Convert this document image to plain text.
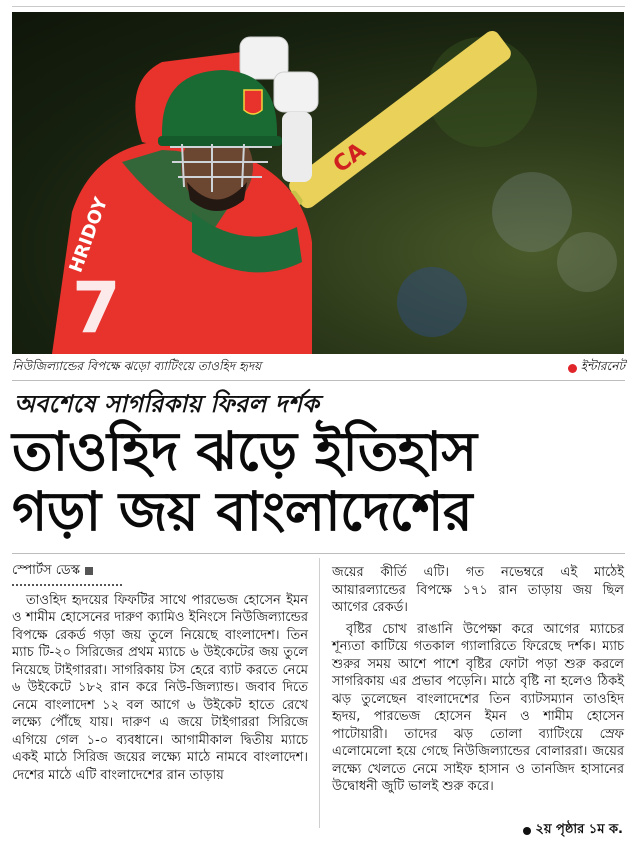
CA
HRIDOY
7
নিউজিল্যান্ডের বিপক্ষে ঝড়ো ব্যাটিংয়ে তাওহিদ হৃদয়	ইন্টারনেট
অবশেষে সাগরিকায় ফিরল দর্শক
তাওহিদ ঝড়ে ইতিহাস
গড়া জয় বাংলাদেশের
স্পোর্টস ডেস্ক

তাওহিদ হৃদয়ের ফিফটির সাথে পারভেজ হোসেন ইমন ও শামীম হোসেনের দারুণ ক্যামিও ইনিংসে নিউজিল্যান্ডের বিপক্ষে রেকর্ড গড়া জয় তুলে নিয়েছে বাংলাদেশ। তিন ম্যাচ টি-২০ সিরিজের প্রথম ম্যাচে ৬ উইকেটের জয় তুলে নিয়েছে টাইগাররা। সাগরিকায় টস হেরে ব্যাট করতে নেমে ৬ উইকেটে ১৮২ রান করে নিউ-জিল্যান্ড। জবাব দিতে নেমে বাংলাদেশ ১২ বল আগে ৬ উইকেট হাতে রেখে লক্ষ্যে পৌঁছে যায়। দারুণ এ জয়ে টাইগাররা সিরিজে এগিয়ে গেল ১-০ ব্যবধানে। আগামীকাল দ্বিতীয় ম্যাচে একই মাঠে সিরিজ জয়ের লক্ষ্যে মাঠে নামবে বাংলাদেশ। দেশের মাঠে এটি বাংলাদেশের রান তাড়ায়

জয়ের কীর্তি এটি। গত নভেম্বরে এই মাঠেই আয়ারল্যান্ডের বিপক্ষে ১৭১ রান তাড়ায় জয় ছিল আগের রেকর্ড।

বৃষ্টির চোখ রাঙানি উপেক্ষা করে আগের ম্যাচের শূন্যতা কাটিয়ে গতকাল গ্যালারিতে ফিরেছে দর্শক। ম্যাচ শুরুর সময় আশে পাশে বৃষ্টির ফোটা পড়া শুরু করলে সাগরিকায় এর প্রভাব পড়েনি। মাঠে বৃষ্টি না হলেও ঠিকই ঝড় তুলেছেন বাংলাদেশের তিন ব্যাটসম্যান তাওহিদ হৃদয়, পারভেজ হোসেন ইমন ও শামীম হোসেন পাটোয়ারী। তাদের ঝড় তোলা ব্যাটিংয়ে স্রেফ এলোমেলো হয়ে গেছে নিউজিল্যান্ডের বোলাররা। জয়ের লক্ষ্যে খেলতে নেমে সাইফ হাসান ও তানজিদ হাসানের উদ্বোধনী জুটি ভালই শুরু করে।

২য় পৃষ্ঠার ১ম ক.
